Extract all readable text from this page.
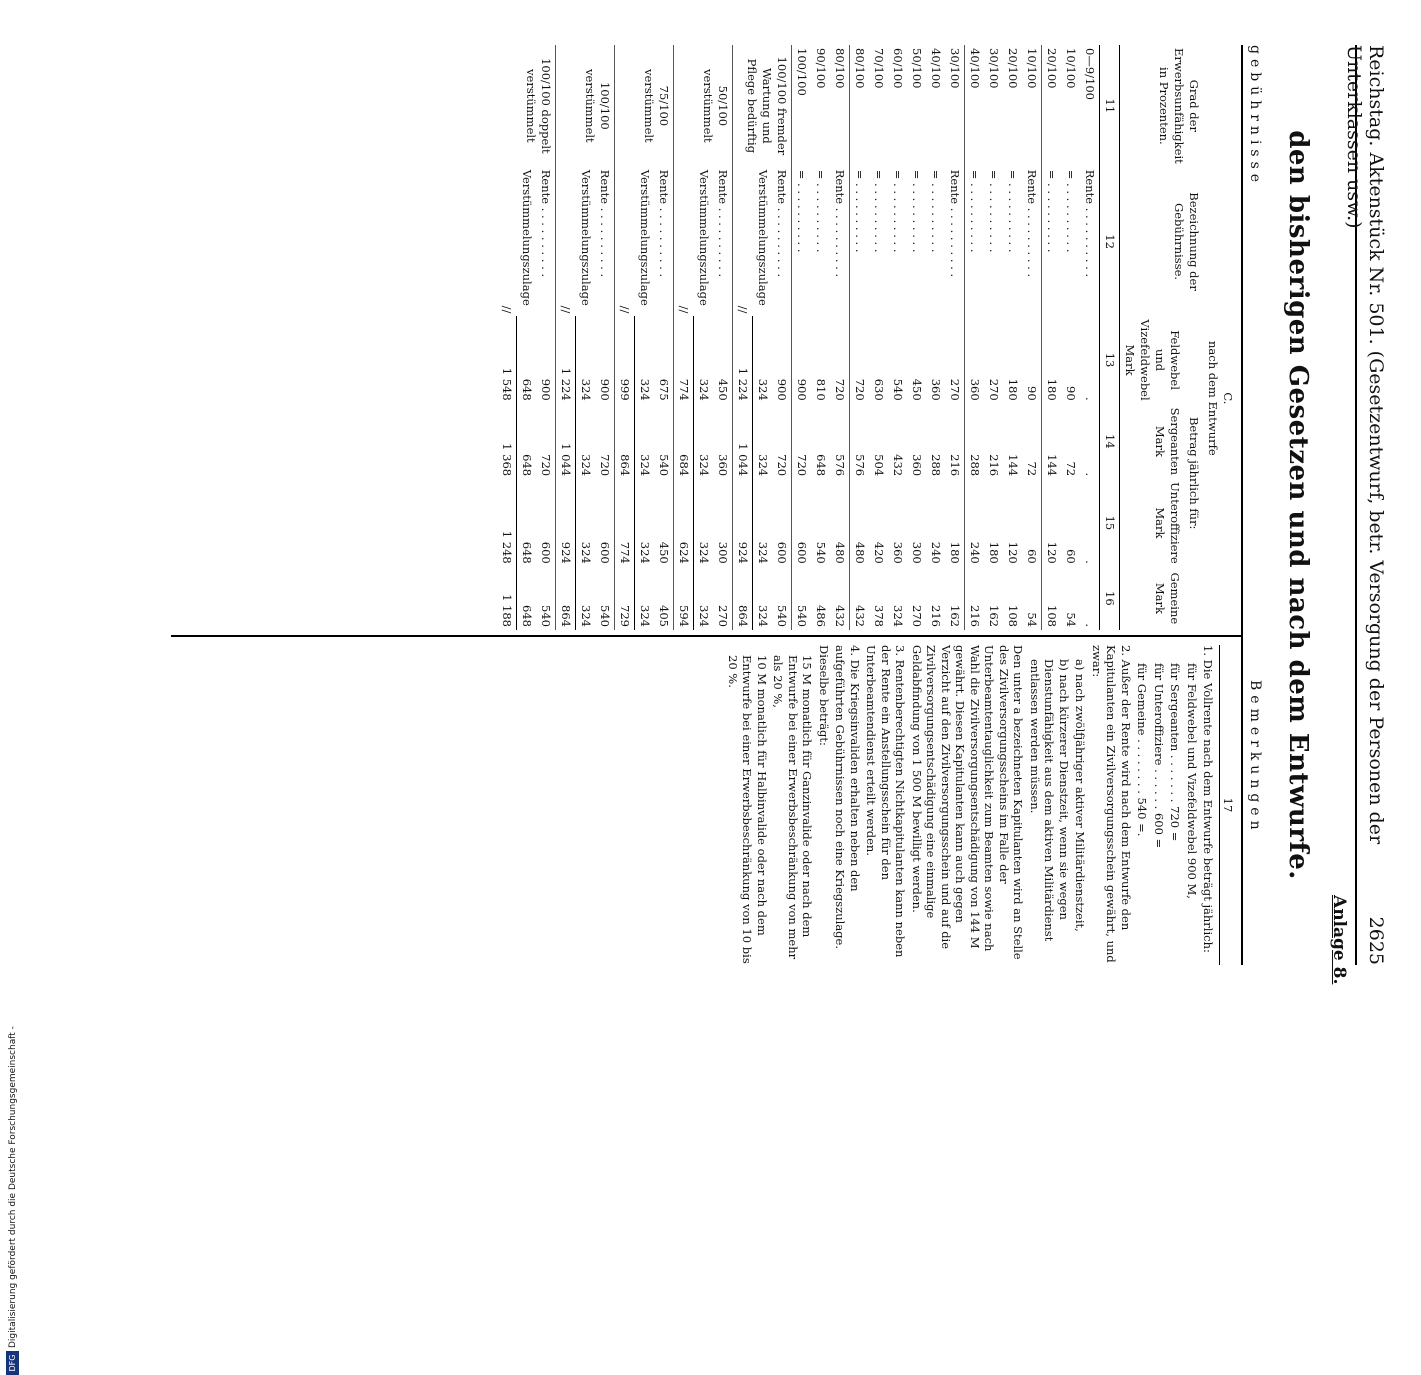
Reichstag. Aktenstück Nr. 501. (Gesetzentwurf, betr. Versorgung der Personen der Unterklassen usw.)
2625
Anlage 8.
den bisherigen Gesetzen und nach dem Entwurfe.
gebührnisse
Bemerkungen

	C.
nach dem Entwurfe				

Grad der Erwerbsunfähigkeit in Prozenten.	Bezeichnung der Gebührnisse.	Betrag jährlich für:			
		Feldwebel und Vizefeldwebel
Mark	Sergeanten
Mark	Unteroffiziere
Mark	Gemeine
Mark
11	12	13	14	15	16
0—9/100	Rente . . . . . . . . . .	.	.	.	.
10/100	= . . . . . . . . . .	90	72	60	54
20/100	= . . . . . . . . . .	180	144	120	108
10/100	Rente . . . . . . . . . .	90	72	60	54
20/100	= . . . . . . . . . .	180	144	120	108
30/100	= . . . . . . . . . .	270	216	180	162
40/100	= . . . . . . . . . .	360	288	240	216
30/100	Rente . . . . . . . . . .	270	216	180	162
40/100	= . . . . . . . . . .	360	288	240	216
50/100	= . . . . . . . . . .	450	360	300	270
60/100	= . . . . . . . . . .	540	432	360	324
70/100	= . . . . . . . . . .	630	504	420	378
80/100	= . . . . . . . . . .	720	576	480	432
80/100	Rente . . . . . . . . . .	720	576	480	432
90/100	= . . . . . . . . . .	810	648	540	486
100/100	= . . . . . . . . . .	900	720	600	540
100/100 fremder Wartung und Pflege bedürftig	Rente . . . . . . . . . .	900	720	600	540
	Verstümmelungszulage	324	324	324	324
	//	1 224	1 044	924	864
50/100 verstümmelt	Rente . . . . . . . . . .	450	360	300	270
	Verstümmelungszulage	324	324	324	324
	//	774	684	624	594
75/100 verstümmelt	Rente . . . . . . . . . .	675	540	450	405
	Verstümmelungszulage	324	324	324	324
	//	999	864	774	729
100/100 verstümmelt	Rente . . . . . . . . . .	900	720	600	540
	Verstümmelungszulage	324	324	324	324
	//	1 224	1 044	924	864
100/100 doppelt verstümmelt	Rente . . . . . . . . . .	900	720	600	540
	Verstümmelungszulage	648	648	648	648
	//	1 548	1 368	1 248	1 188
17

1. Die Vollrente nach dem Entwurfe beträgt jährlich:

für Feldwebel und Vizefeldwebel 900 M,

für Sergeanten . . . . . . . 720 =

für Unteroffiziere . . . . . . 600 =

für Gemeine . . . . . . . . 540 =.

2. Außer der Rente wird nach dem Entwurfe den Kapitulanten ein Zivilversorgungsschein gewährt, und zwar:

a) nach zwölfjähriger aktiver Militärdienstzeit,

b) nach kürzerer Dienstzeit, wenn sie wegen Dienstunfähigkeit aus dem aktiven Militärdienst entlassen werden müssen.

Den unter a bezeichneten Kapitulanten wird an Stelle des Zivilversorgungsscheins im Falle der Unterbeamtentauglichkeit zum Beamten sowie nach Wahl die Zivilversorgungsentschädigung von 144 M gewährt. Diesen Kapitulanten kann auch gegen Verzicht auf den Zivilversorgungsschein und auf die Zivilversorgungsentschädigung eine einmalige Geldabfindung von 1 500 M bewilligt werden.

3. Rentenberechtigten Nichtkapitulanten kann neben der Rente ein Anstellungsschein für den Unterbeamtendienst erteilt werden.

4. Die Kriegsinvaliden erhalten neben den aufgeführten Gebührnissen noch eine Kriegszulage.

Dieselbe beträgt:

15 M monatlich für Ganzinvalide oder nach dem Entwurfe bei einer Erwerbsbeschränkung von mehr als 20 %,

10 M monatlich für Halbinvalide oder nach dem Entwurfe bei einer Erwerbsbeschränkung von 10 bis 20 %.

DFGDigitalisierung gefördert durch die Deutsche Forschungsgemeinschaft -
